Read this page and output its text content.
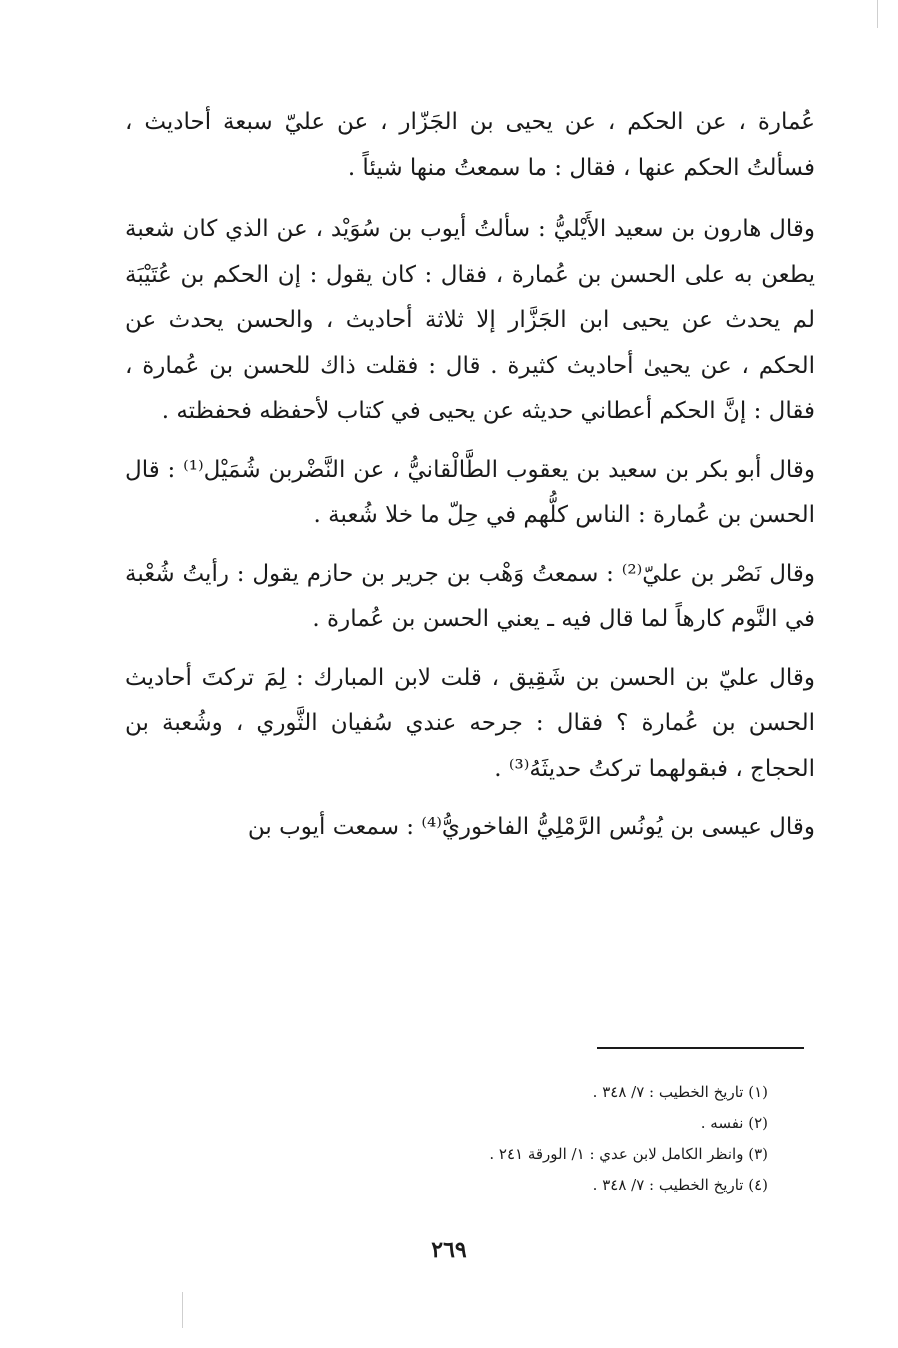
عُمارة ، عن الحكم ، عن يحيى بن الجَزّار ، عن عليّ سبعة أحاديث ، فسألتُ الحكم عنها ، فقال : ما سمعتُ منها شيئاً .

وقال هارون بن سعيد الأَيْليُّ : سألتُ أيوب بن سُوَيْد ، عن الذي كان شعبة يطعن به على الحسن بن عُمارة ، فقال : كان يقول : إن الحكم بن عُتَيْبَة لم يحدث عن يحيى ابن الجَزَّار إلا ثلاثة أحاديث ، والحسن يحدث عن الحكم ، عن يحيىٰ أحاديث كثيرة . قال : فقلت ذاك للحسن بن عُمارة ، فقال : إنَّ الحكم أعطاني حديثه عن يحيى في كتاب لأحفظه فحفظته .

وقال أبو بكر بن سعيد بن يعقوب الطَّالْقانيُّ ، عن النَّضْربن شُمَيْل⁽¹⁾ : قال الحسن بن عُمارة : الناس كلُّهم في حِلّ ما خلا شُعبة .

وقال نَصْر بن عليّ⁽²⁾ : سمعتُ وَهْب بن جرير بن حازم يقول : رأيتُ شُعْبة في النَّوم كارهاً لما قال فيه ـ يعني الحسن بن عُمارة .

وقال عليّ بن الحسن بن شَقِيق ، قلت لابن المبارك : لِمَ تركتَ أحاديث الحسن بن عُمارة ؟ فقال : جرحه عندي سُفيان الثَّوري ، وشُعبة بن الحجاج ، فبقولهما تركتُ حديثَهُ⁽³⁾ .

وقال عيسى بن يُونُس الرَّمْلِيُّ الفاخوريُّ⁽⁴⁾ : سمعت أيوب بن

(١) تاريخ الخطيب : ٧/ ٣٤٨ .
(٢) نفسه .
(٣) وانظر الكامل لابن عدي : ١/ الورقة ٢٤١ .
(٤) تاريخ الخطيب : ٧/ ٣٤٨ .
٢٦٩
